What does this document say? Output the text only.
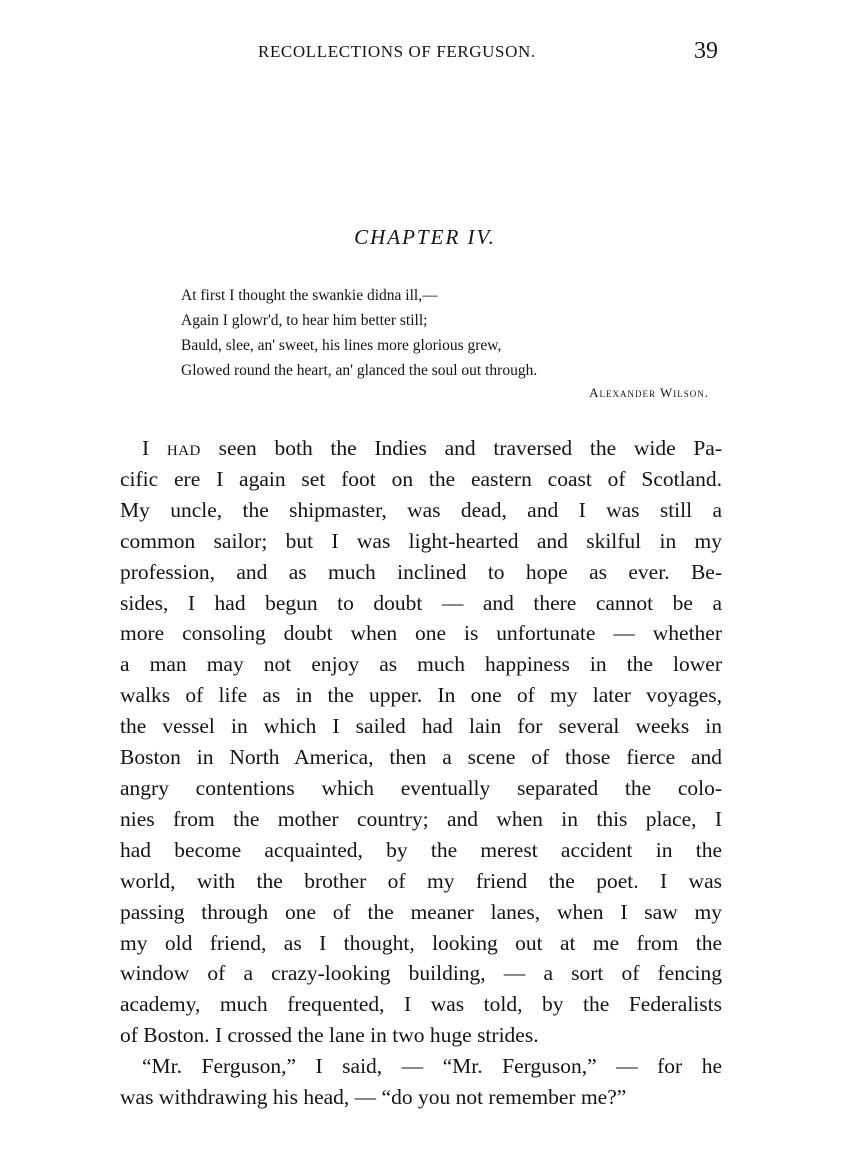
RECOLLECTIONS OF FERGUSON.	39
CHAPTER IV.
At first I thought the swankie didna ill,—
Again I glowr'd, to hear him better still;
Bauld, slee, an' sweet, his lines more glorious grew,
Glowed round the heart, an' glanced the soul out through.
Alexander Wilson.
I had seen both the Indies and traversed the wide Pa-
cific ere I again set foot on the eastern coast of Scotland.
My uncle, the shipmaster, was dead, and I was still a
common sailor; but I was light-hearted and skilful in my
profession, and as much inclined to hope as ever. Be-
sides, I had begun to doubt — and there cannot be a
more consoling doubt when one is unfortunate — whether
a man may not enjoy as much happiness in the lower
walks of life as in the upper. In one of my later voyages,
the vessel in which I sailed had lain for several weeks in
Boston in North America, then a scene of those fierce and
angry contentions which eventually separated the colo-
nies from the mother country; and when in this place, I
had become acquainted, by the merest accident in the
world, with the brother of my friend the poet. I was
passing through one of the meaner lanes, when I saw my
my old friend, as I thought, looking out at me from the
window of a crazy-looking building, — a sort of fencing
academy, much frequented, I was told, by the Federalists
of Boston. I crossed the lane in two huge strides.
“Mr. Ferguson,” I said, — “Mr. Ferguson,” — for he
was withdrawing his head, — “do you not remember me?”
